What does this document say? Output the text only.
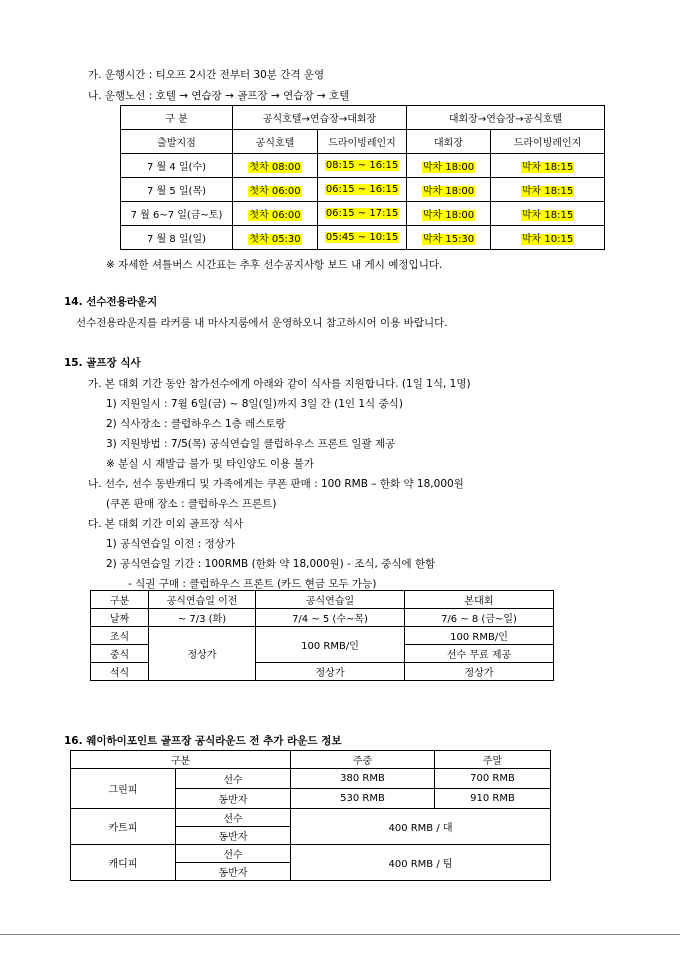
가. 운행시간 : 티오프 2시간 전부터 30분 간격 운영
나. 운행노선 : 호텔 → 연습장 → 골프장 → 연습장 → 호텔
구 분	공식호텔→연습장→대회장		대회장→연습장→공식호텔	
출발지점	공식호텔	드라이빙레인지	대회장	드라이빙레인지
7 월 4 일(수)	첫차 08:00	08:15 ~ 16:15	막차 18:00	막차 18:15
7 월 5 일(목)	첫차 06:00	06:15 ~ 16:15	막차 18:00	막차 18:15
7 월 6~7 일(금~토)	첫차 06:00	06:15 ~ 17:15	막차 18:00	막차 18:15
7 월 8 일(일)	첫차 05:30	05:45 ~ 10:15	막차 15:30	막차 10:15
※ 자세한 셔틀버스 시간표는 추후 선수공지사항 보드 내 게시 예정입니다.
14. 선수전용라운지
선수전용라운지를 라커룸 내 마사지룸에서 운영하오니 참고하시어 이용 바랍니다.
15. 골프장 식사
가. 본 대회 기간 동안 참가선수에게 아래와 같이 식사를 지원합니다. (1일 1식, 1명)
1) 지원일시 : 7월 6일(금) ~ 8일(일)까지 3일 간 (1인 1식 중식)
2) 식사장소 : 클럽하우스 1층 레스토랑
3) 지원방법 : 7/5(목) 공식연습일 클럽하우스 프론트 일괄 제공
※ 분실 시 재발급 불가 및 타인양도 이용 불가
나. 선수, 선수 동반캐디 및 가족에게는 쿠폰 판매 : 100 RMB – 한화 약 18,000원
(쿠폰 판매 장소 : 클럽하우스 프론트)
다. 본 대회 기간 이외 골프장 식사
1) 공식연습일 이전 : 정상가
2) 공식연습일 기간 : 100RMB (한화 약 18,000원) - 조식, 중식에 한함
- 식권 구매 : 클럽하우스 프론트 (카드 현금 모두 가능)
구분	공식연습일 이전	공식연습일	본대회
날짜	~ 7/3 (화)	7/4 ~ 5 (수~목)	7/6 ~ 8 (금~일)
조식	정상가	100 RMB/인	100 RMB/인
중식			선수 무료 제공
석식		정상가	정상가
16. 웨이하이포인트 골프장 공식라운드 전 추가 라운드 정보
구분		주중	주말
그린피	선수	380 RMB	700 RMB
	동반자	530 RMB	910 RMB
카트피	선수	400 RMB / 대	
	동반자		
캐디피	선수	400 RMB / 팀	
	동반자		
